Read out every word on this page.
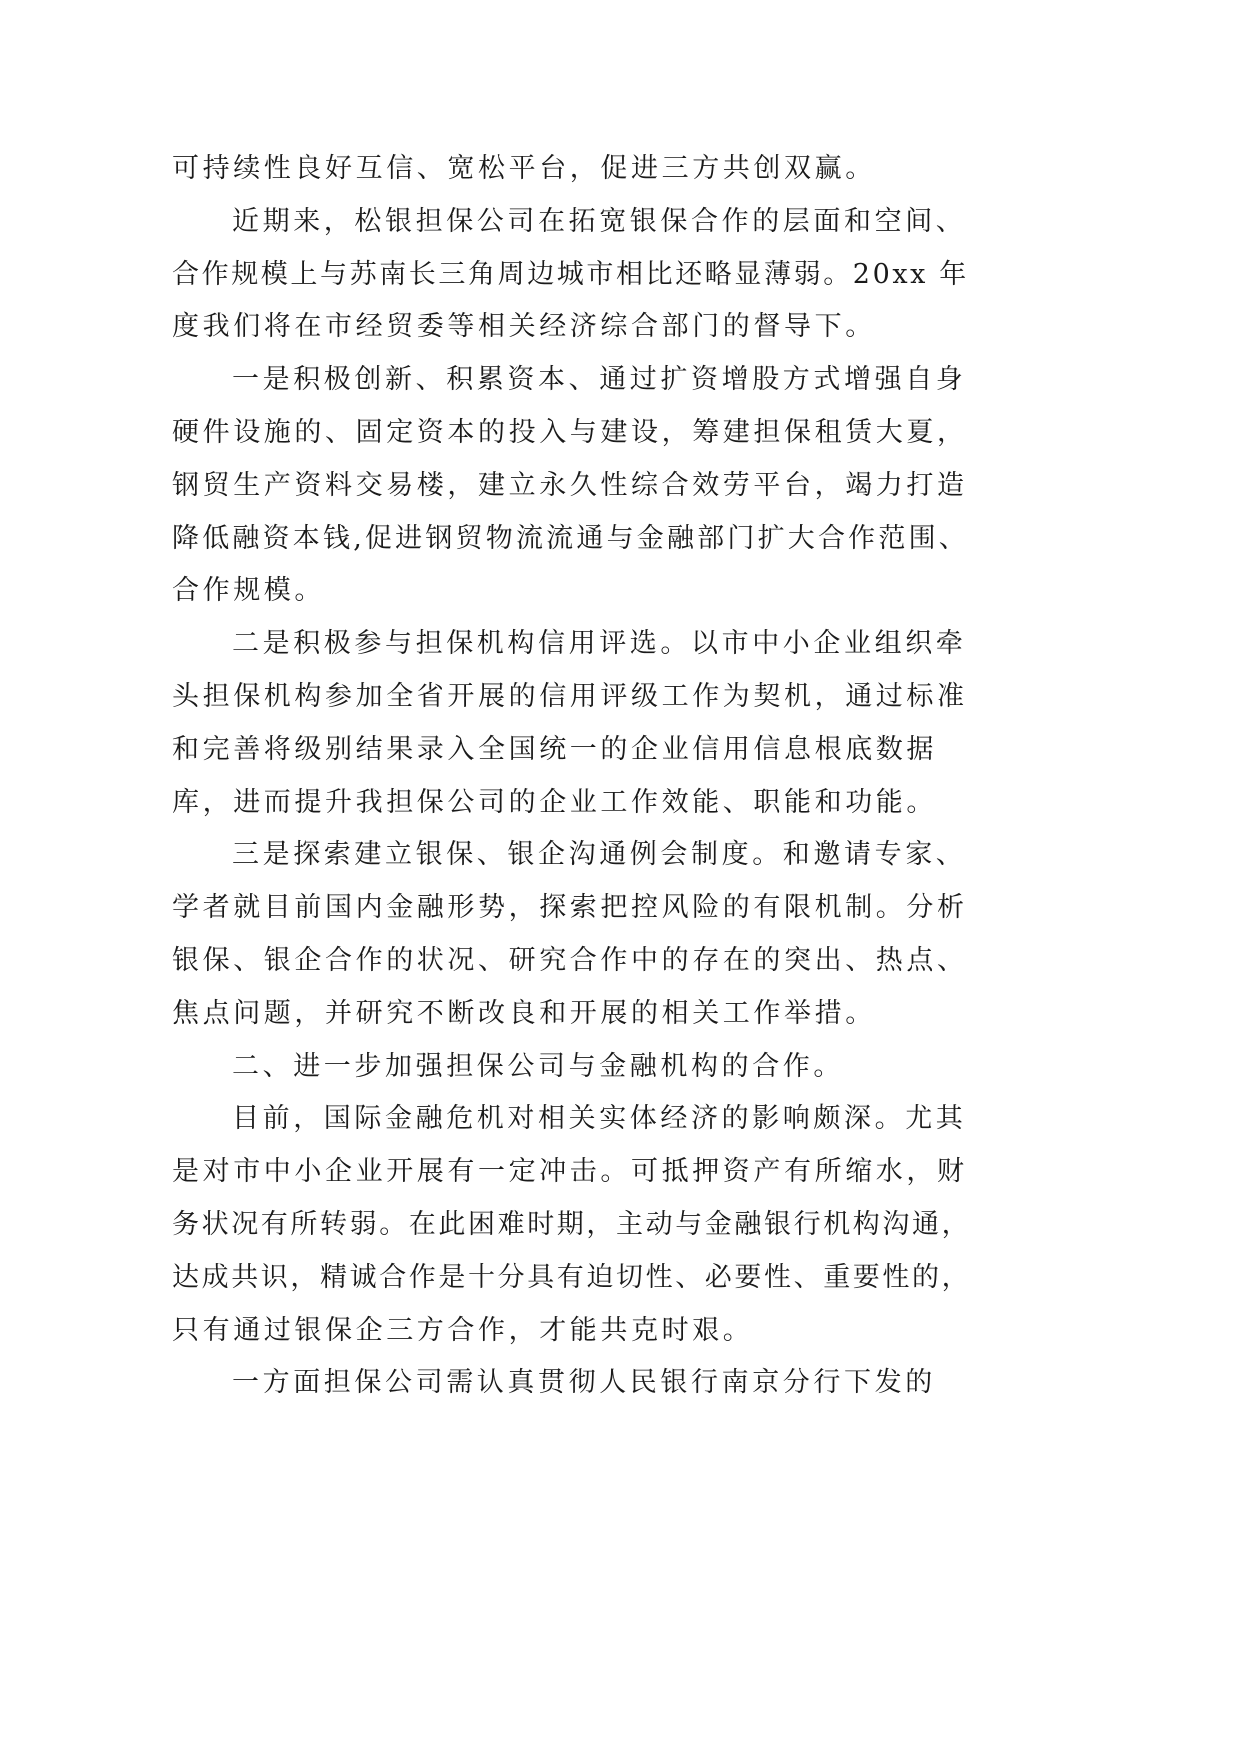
可持续性良好互信、宽松平台，促进三方共创双赢。
近期来，松银担保公司在拓宽银保合作的层面和空间、
合作规模上与苏南长三角周边城市相比还略显薄弱。20xx 年
度我们将在市经贸委等相关经济综合部门的督导下。
一是积极创新、积累资本、通过扩资增股方式增强自身
硬件设施的、固定资本的投入与建设，筹建担保租赁大夏，
钢贸生产资料交易楼，建立永久性综合效劳平台，竭力打造
降低融资本钱,促进钢贸物流流通与金融部门扩大合作范围、
合作规模。
二是积极参与担保机构信用评选。以市中小企业组织牵
头担保机构参加全省开展的信用评级工作为契机，通过标准
和完善将级别结果录入全国统一的企业信用信息根底数据
库，进而提升我担保公司的企业工作效能、职能和功能。
三是探索建立银保、银企沟通例会制度。和邀请专家、
学者就目前国内金融形势，探索把控风险的有限机制。分析
银保、银企合作的状况、研究合作中的存在的突出、热点、
焦点问题，并研究不断改良和开展的相关工作举措。
二、进一步加强担保公司与金融机构的合作。
目前，国际金融危机对相关实体经济的影响颇深。尤其
是对市中小企业开展有一定冲击。可抵押资产有所缩水，财
务状况有所转弱。在此困难时期，主动与金融银行机构沟通，
达成共识，精诚合作是十分具有迫切性、必要性、重要性的，
只有通过银保企三方合作，才能共克时艰。
一方面担保公司需认真贯彻人民银行南京分行下发的
